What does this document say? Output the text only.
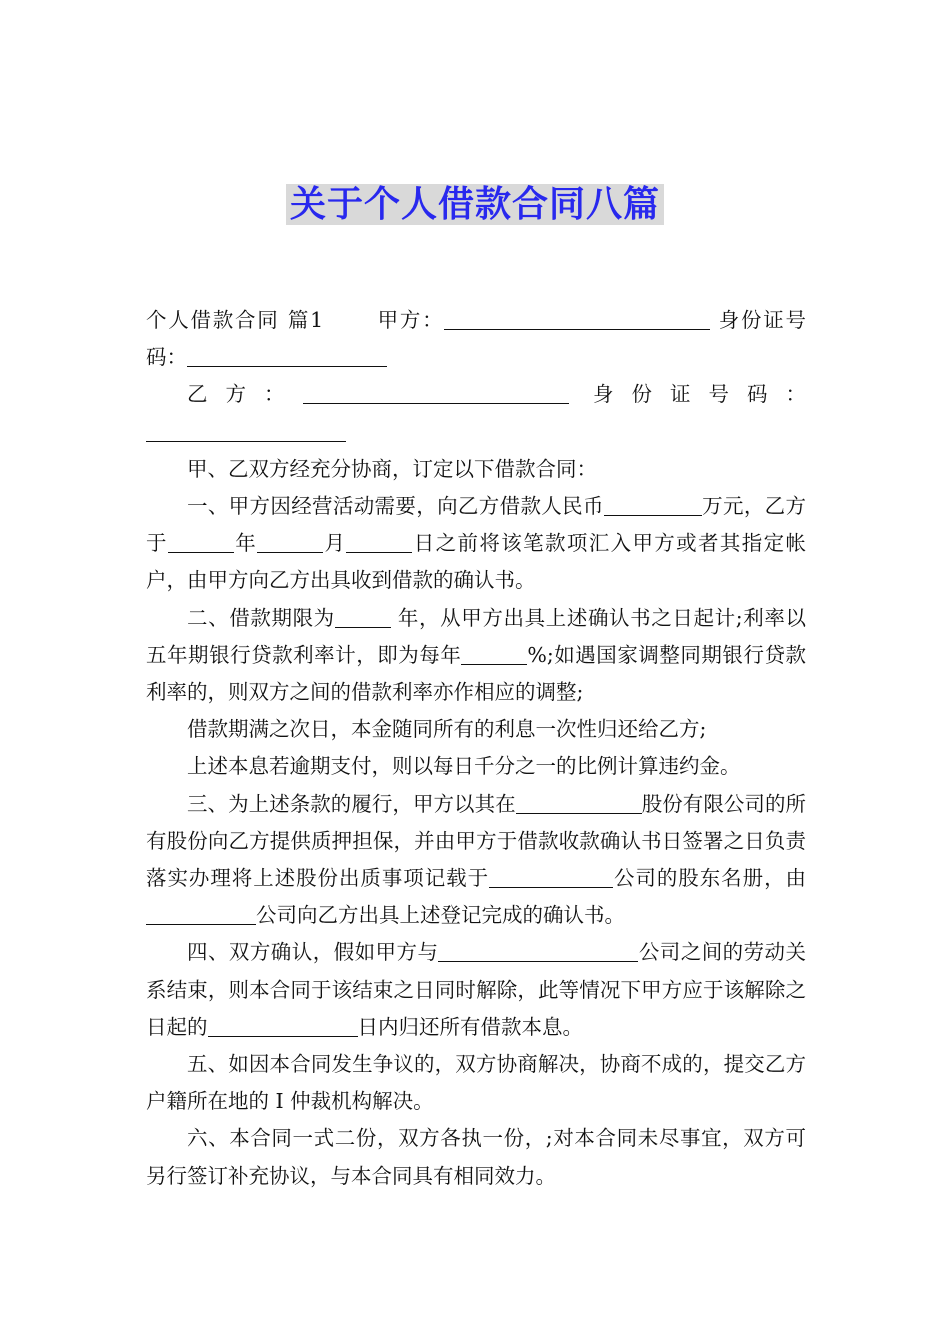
关于个人借款合同八篇

个人借款合同 篇1　　 甲方：	身份证号码：

乙方：	身份证号码：

甲、乙双方经充分协商，订定以下借款合同：

一、甲方因经营活动需要，向乙方借款人民币	万元，乙方于	年	月	日之前将该笔款项汇入甲方或者其指定帐户，由甲方向乙方出具收到借款的确认书。

二、借款期限为	年，从甲方出具上述确认书之日起计;利率以五年期银行贷款利率计，即为每年	%;如遇国家调整同期银行贷款利率的，则双方之间的借款利率亦作相应的调整;

借款期满之次日，本金随同所有的利息一次性归还给乙方;

上述本息若逾期支付，则以每日千分之一的比例计算违约金。

三、为上述条款的履行，甲方以其在	股份有限公司的所有股份向乙方提供质押担保，并由甲方于借款收款确认书日签署之日负责落实办理将上述股份出质事项记载于	公司的股东名册，由公司向乙方出具上述登记完成的确认书。

四、双方确认，假如甲方与	公司之间的劳动关系结束，则本合同于该结束之日同时解除，此等情况下甲方应于该解除之日起的	日内归还所有借款本息。

五、如因本合同发生争议的，双方协商解决，协商不成的，提交乙方户籍所在地的 I 仲裁机构解决。

六、本合同一式二份，双方各执一份，;对本合同未尽事宜，双方可另行签订补充协议，与本合同具有相同效力。
